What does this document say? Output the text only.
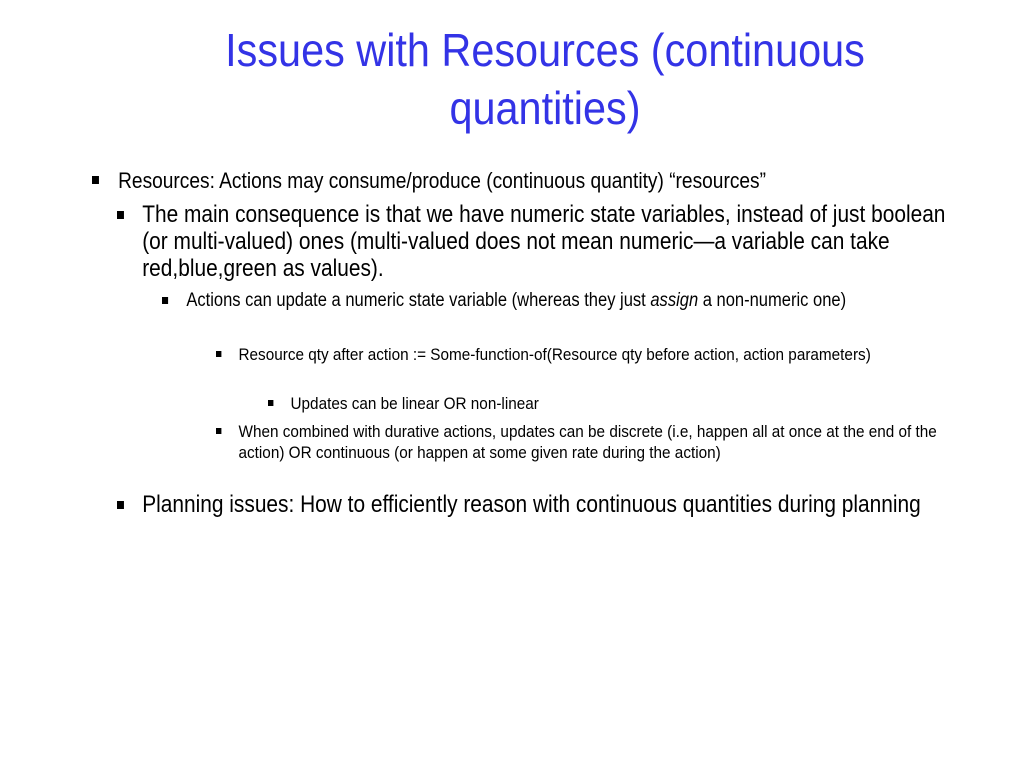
Issues with Resources (continuous
quantities)
Resources: Actions may consume/produce (continuous quantity) “resources”
The main consequence is that we have numeric state variables, instead of just boolean (or multi-valued) ones (multi-valued does not mean numeric—a variable can take red,blue,green as values).
Actions can update a numeric state variable (whereas they just assign a non-numeric one)
Resource qty after action := Some-function-of(Resource qty before action, action parameters)
Updates can be linear OR non-linear
When combined with durative actions, updates can be discrete (i.e, happen all at once at the end of the action) OR continuous (or happen at some given rate during the action)
Planning issues: How to efficiently reason with continuous quantities during planning
